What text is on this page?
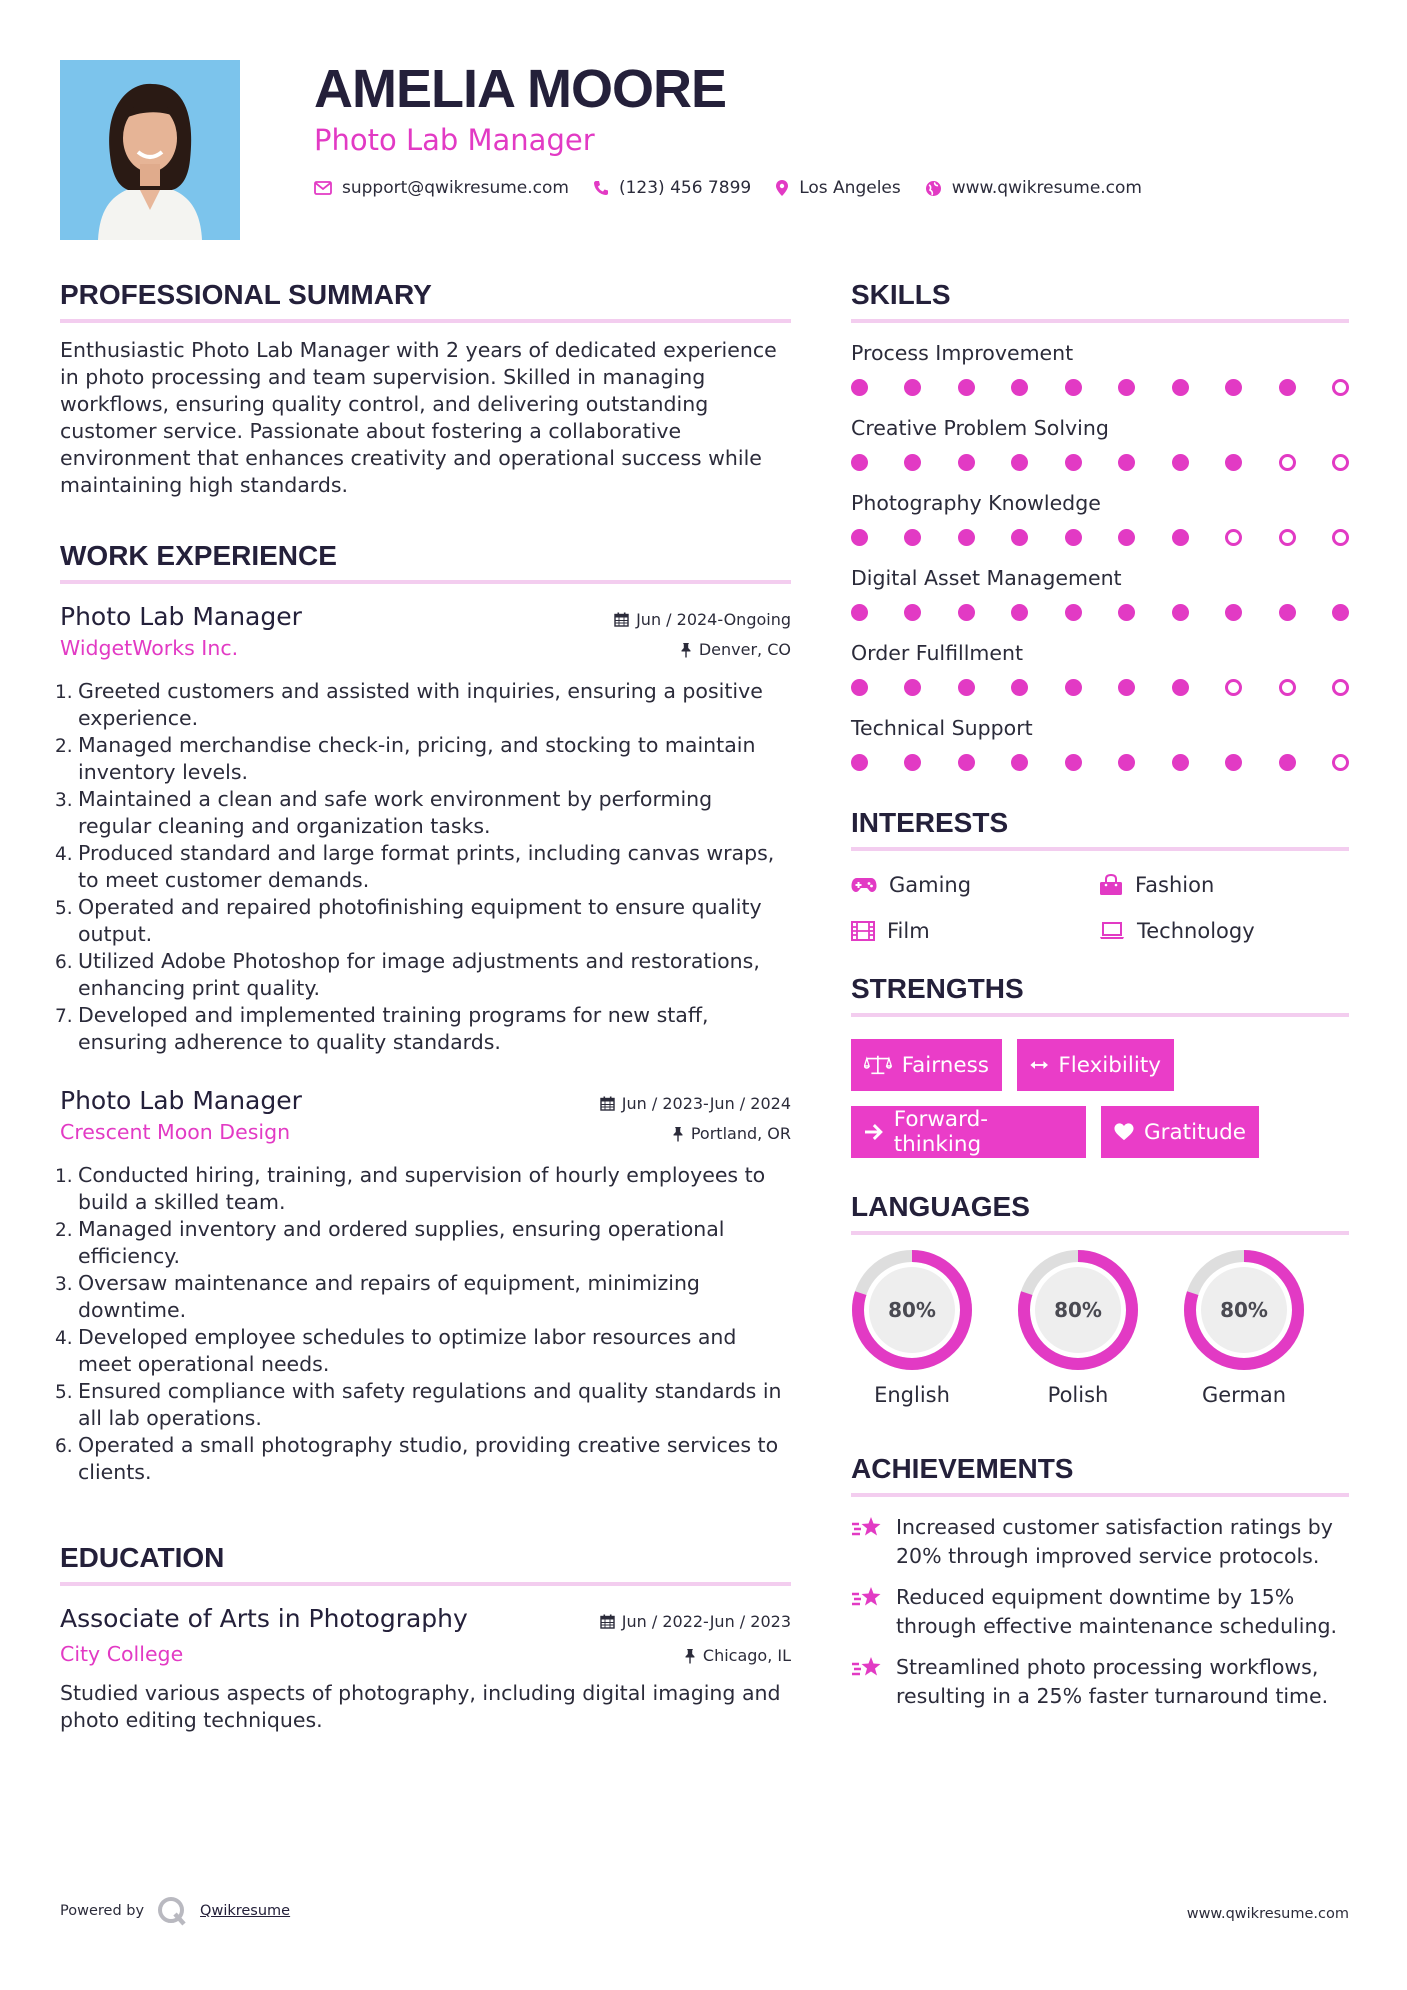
AMELIA MOORE
Photo Lab Manager
support@qwikresume.com	(123) 456 7899	Los Angeles	www.qwikresume.com
PROFESSIONAL SUMMARY

Enthusiastic Photo Lab Manager with 2 years of dedicated experience in photo processing and team supervision. Skilled in managing workflows, ensuring quality control, and delivering outstanding customer service. Passionate about fostering a collaborative environment that enhances creativity and operational success while maintaining high standards.

WORK EXPERIENCE
Photo Lab Manager	Jun / 2024-Ongoing
WidgetWorks Inc.	Denver, CO
1. Greeted customers and assisted with inquiries, ensuring a positive experience.
2. Managed merchandise check-in, pricing, and stocking to maintain inventory levels.
3. Maintained a clean and safe work environment by performing regular cleaning and organization tasks.
4. Produced standard and large format prints, including canvas wraps, to meet customer demands.
5. Operated and repaired photofinishing equipment to ensure quality output.
6. Utilized Adobe Photoshop for image adjustments and restorations, enhancing print quality.
7. Developed and implemented training programs for new staff, ensuring adherence to quality standards.
Photo Lab Manager	Jun / 2023-Jun / 2024
Crescent Moon Design	Portland, OR
1. Conducted hiring, training, and supervision of hourly employees to build a skilled team.
2. Managed inventory and ordered supplies, ensuring operational efficiency.
3. Oversaw maintenance and repairs of equipment, minimizing downtime.
4. Developed employee schedules to optimize labor resources and meet operational needs.
5. Ensured compliance with safety regulations and quality standards in all lab operations.
6. Operated a small photography studio, providing creative services to clients.
EDUCATION
Associate of Arts in Photography	Jun / 2022-Jun / 2023
City College	Chicago, IL

Studied various aspects of photography, including digital imaging and photo editing techniques.

SKILLS
Process Improvement
Creative Problem Solving
Photography Knowledge
Digital Asset Management
Order Fulfillment
Technical Support
INTERESTS
Gaming	Fashion
Film	Technology
STRENGTHS
Fairness	Flexibility
Forward-thinking	Gratitude
LANGUAGES
80%
English
80%
Polish
80%
German
ACHIEVEMENTS
Increased customer satisfaction ratings by 20% through improved service protocols.
Reduced equipment downtime by 15% through effective maintenance scheduling.
Streamlined photo processing workflows, resulting in a 25% faster turnaround time.
Powered by	Qwikresume	www.qwikresume.com
